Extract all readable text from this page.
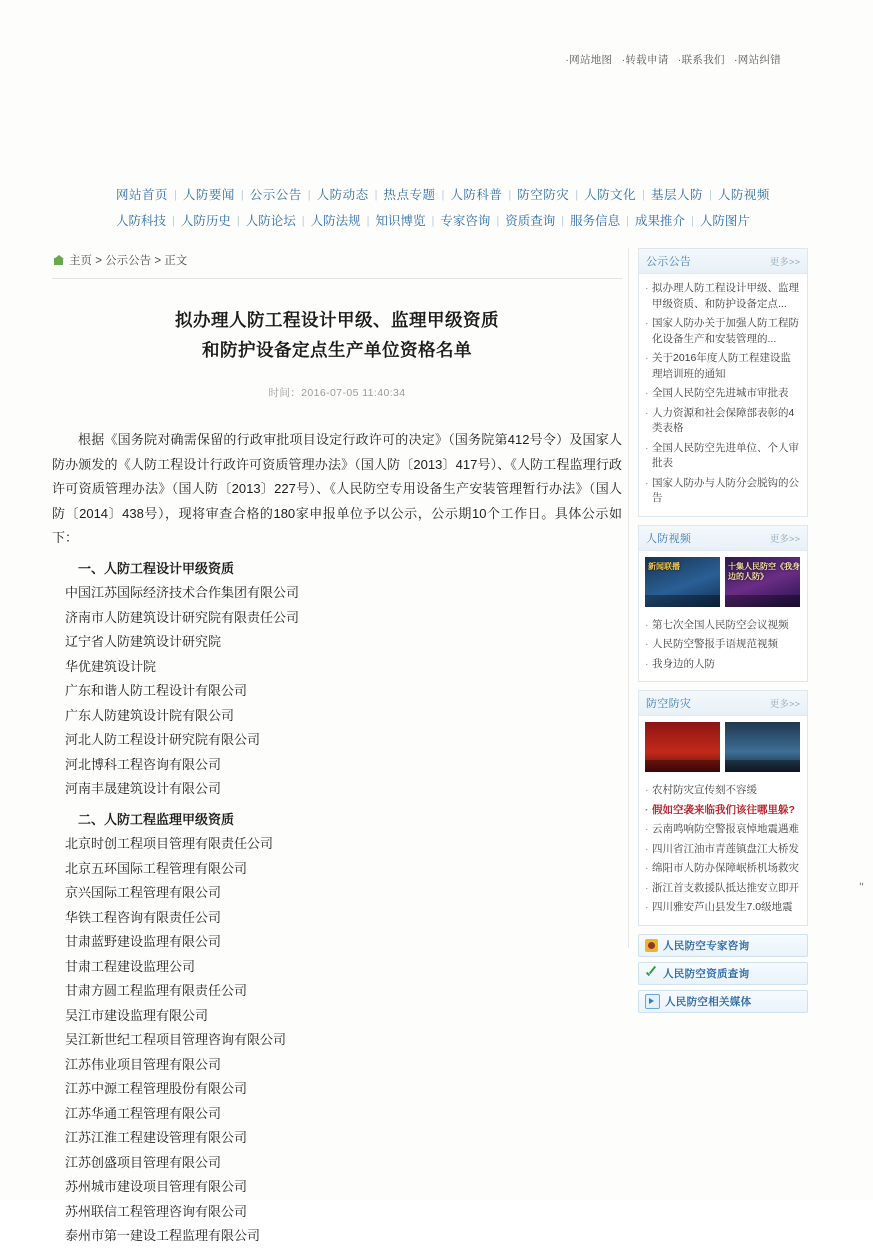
·网站地图 ·转载申请 ·联系我们 ·网站纠错
网站首页 | 人防要闻 | 公示公告 | 人防动态 | 热点专题 | 人防科普 | 防空防灾 | 人防文化 | 基层人防 | 人防视频
人防科技 | 人防历史 | 人防论坛 | 人防法规 | 知识博览 | 专家咨询 | 资质查询 | 服务信息 | 成果推介 | 人防图片
主页 > 公示公告 > 正文
拟办理人防工程设计甲级、监理甲级资质
和防护设备定点生产单位资格名单
时间：2016-07-05 11:40:34

根据《国务院对确需保留的行政审批项目设定行政许可的决定》（国务院第412号令）及国家人防办颁发的《人防工程设计行政许可资质管理办法》（国人防〔2013〕417号）、《人防工程监理行政许可资质管理办法》（国人防〔2013〕227号）、《人民防空专用设备生产安装管理暂行办法》（国人防〔2014〕438号），现将审查合格的180家申报单位予以公示，公示期10个工作日。具体公示如下：

一、人防工程设计甲级资质
中国江苏国际经济技术合作集团有限公司
济南市人防建筑设计研究院有限责任公司
辽宁省人防建筑设计研究院
华优建筑设计院
广东和谐人防工程设计有限公司
广东人防建筑设计院有限公司
河北人防工程设计研究院有限公司
河北博科工程咨询有限公司
河南丰晟建筑设计有限公司
二、人防工程监理甲级资质
北京时创工程项目管理有限责任公司
北京五环国际工程管理有限公司
京兴国际工程管理有限公司
华铁工程咨询有限责任公司
甘肃蓝野建设监理有限公司
甘肃工程建设监理公司
甘肃方圆工程监理有限责任公司
吴江市建设监理有限公司
吴江新世纪工程项目管理咨询有限公司
江苏伟业项目管理有限公司
江苏中源工程管理股份有限公司
江苏华通工程管理有限公司
江苏江淮工程建设管理有限公司
江苏创盛项目管理有限公司
苏州城市建设项目管理有限公司
苏州联信工程管理咨询有限公司
泰州市第一建设工程监理有限公司
公示公告	更多>>
· 拟办理人防工程设计甲级、监理甲级资质、和防护设备定点...
· 国家人防办关于加强人防工程防化设备生产和安装管理的...
· 关于2016年度人防工程建设监理培训班的通知
· 全国人民防空先进城市审批表
· 人力资源和社会保障部表彰的4类表格
· 全国人民防空先进单位、个人审批表
· 国家人防办与人防分会脱钩的公告
人防视频	更多>>
新闻联播	十集人民防空《我身边的人防》
· 第七次全国人民防空会议视频
· 人民防空警报手语规范视频
· 我身边的人防
防空防灾	更多>>
· 农村防灾宣传刻不容缓
· 假如空袭来临我们该往哪里躲?
· 云南鸣响防空警报哀悼地震遇难
· 四川省江油市青莲镇盘江大桥发
· 绵阳市人防办保障岷桥机场救灾
· 浙江首支救援队抵达推安立即开
· 四川雅安芦山县发生7.0级地震
人民防空专家咨询
人民防空资质查询
人民防空相关媒体
"
